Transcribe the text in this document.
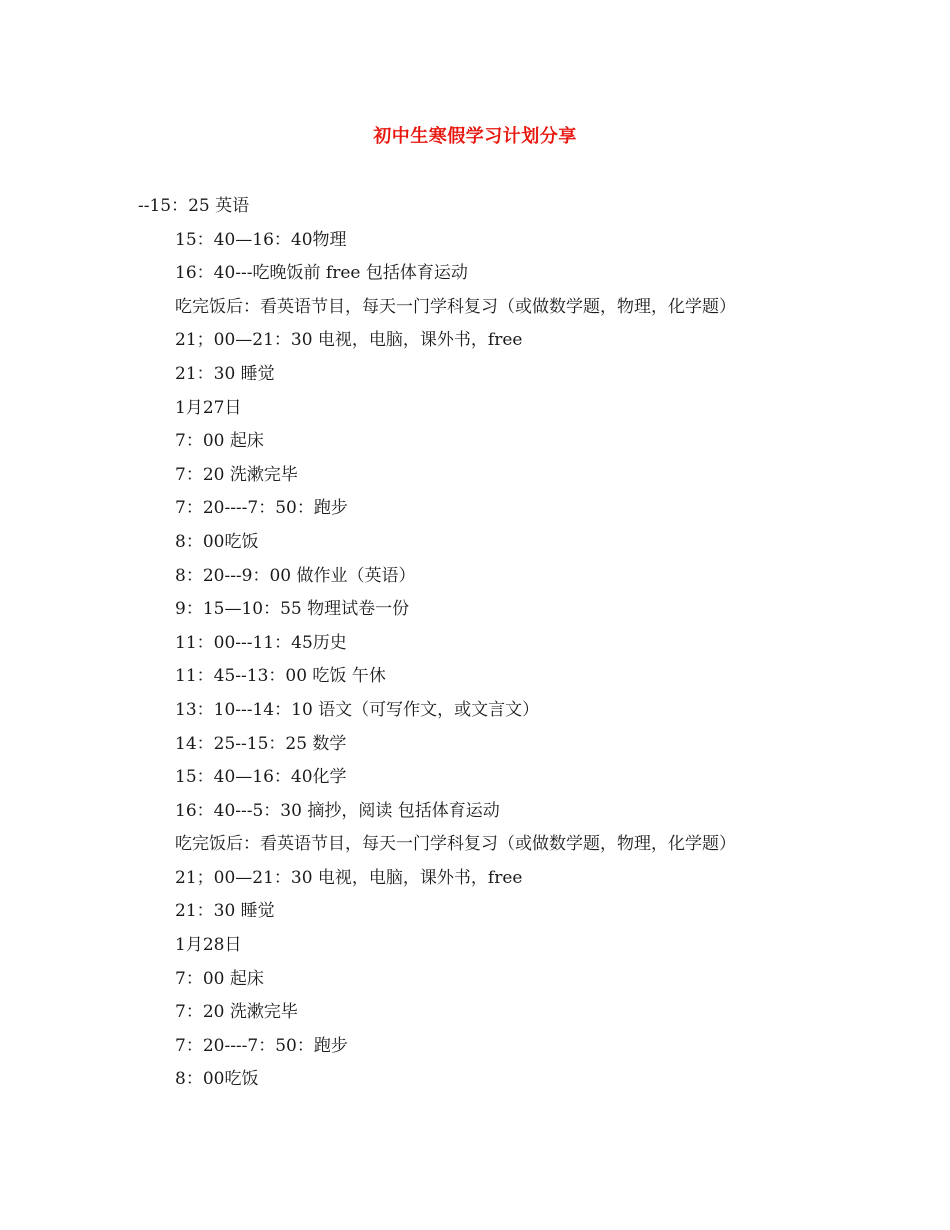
初中生寒假学习计划分享
--15：25 英语
15：40—16：40物理
16：40---吃晚饭前 free 包括体育运动
吃完饭后：看英语节目，每天一门学科复习（或做数学题，物理，化学题）
21；00—21：30 电视，电脑，课外书，free
21：30 睡觉
1月27日
7：00 起床
7：20 洗漱完毕
7：20----7：50：跑步
8：00吃饭
8：20---9：00 做作业（英语）
9：15—10：55 物理试卷一份
11：00---11：45历史
11：45--13：00 吃饭 午休
13：10---14：10 语文（可写作文，或文言文）
14：25--15：25 数学
15：40—16：40化学
16：40---5：30 摘抄，阅读 包括体育运动
吃完饭后：看英语节目，每天一门学科复习（或做数学题，物理，化学题）
21；00—21：30 电视，电脑，课外书，free
21：30 睡觉
1月28日
7：00 起床
7：20 洗漱完毕
7：20----7：50：跑步
8：00吃饭
